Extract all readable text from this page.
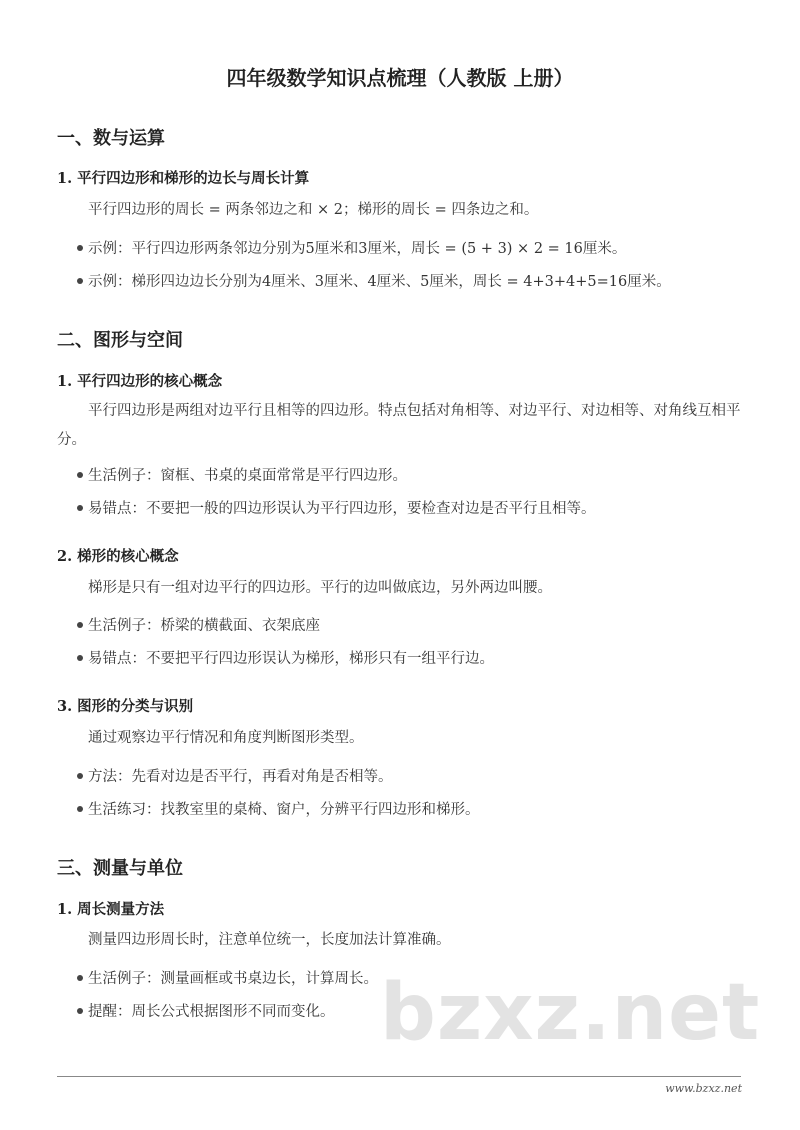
四年级数学知识点梳理（人教版 上册）
一、数与运算
1. 平行四边形和梯形的边长与周长计算
平行四边形的周长 = 两条邻边之和 × 2；梯形的周长 = 四条边之和。
示例：平行四边形两条邻边分别为5厘米和3厘米，周长 = (5 + 3) × 2 = 16厘米。
示例：梯形四边边长分别为4厘米、3厘米、4厘米、5厘米，周长 = 4+3+4+5=16厘米。
二、图形与空间
1. 平行四边形的核心概念
平行四边形是两组对边平行且相等的四边形。特点包括对角相等、对边平行、对边相等、对角线互相平分。
生活例子：窗框、书桌的桌面常常是平行四边形。
易错点：不要把一般的四边形误认为平行四边形，要检查对边是否平行且相等。
2. 梯形的核心概念
梯形是只有一组对边平行的四边形。平行的边叫做底边，另外两边叫腰。
生活例子：桥梁的横截面、衣架底座
易错点：不要把平行四边形误认为梯形，梯形只有一组平行边。
3. 图形的分类与识别
通过观察边平行情况和角度判断图形类型。
方法：先看对边是否平行，再看对角是否相等。
生活练习：找教室里的桌椅、窗户，分辨平行四边形和梯形。
三、测量与单位
1. 周长测量方法
测量四边形周长时，注意单位统一，长度加法计算准确。
生活例子：测量画框或书桌边长，计算周长。
提醒：周长公式根据图形不同而变化。 bzxz.net
www.bzxz.net
